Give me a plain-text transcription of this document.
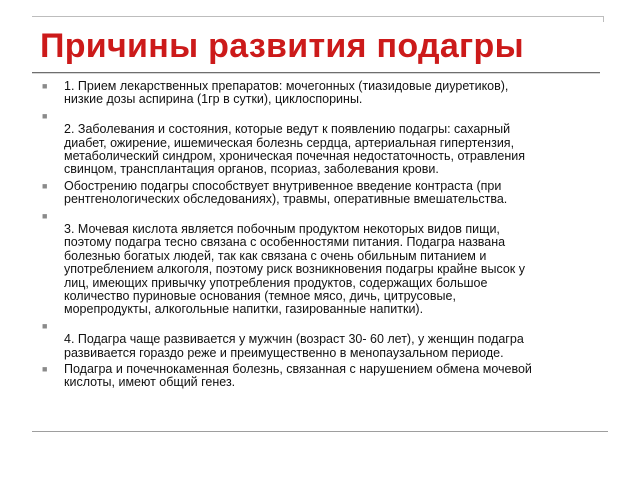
Причины развития подагры
■ 1. Прием лекарственных препаратов: мочегонных (тиазидовые диуретиков),
низкие дозы аспирина (1гр в сутки), циклоспорины.
■
2. Заболевания и состояния, которые ведут к появлению подагры: сахарный
диабет, ожирение, ишемическая болезнь сердца, артериальная гипертензия,
метаболический синдром, хроническая почечная недостаточность, отравления
свинцом, трансплантация органов, псориаз, заболевания крови.
■ Обострению подагры способствует внутривенное введение контраста (при
рентгенологических обследованиях), травмы, оперативные вмешательства.
■
3. Мочевая кислота является побочным продуктом некоторых видов пищи,
поэтому подагра тесно связана с особенностями питания. Подагра названа
болезнью богатых людей, так как связана с очень обильным питанием и
употреблением алкоголя, поэтому риск возникновения подагры крайне высок у
лиц, имеющих привычку употребления продуктов, содержащих большое
количество пуриновые основания (темное мясо, дичь, цитрусовые,
морепродукты, алкогольные напитки, газированные напитки).
■
4. Подагра чаще развивается у мужчин (возраст 30- 60 лет), у женщин подагра
развивается гораздо реже и преимущественно в менопаузальном периоде.
■ Подагра и почечнокаменная болезнь, связанная с нарушением обмена мочевой
кислоты, имеют общий генез.
